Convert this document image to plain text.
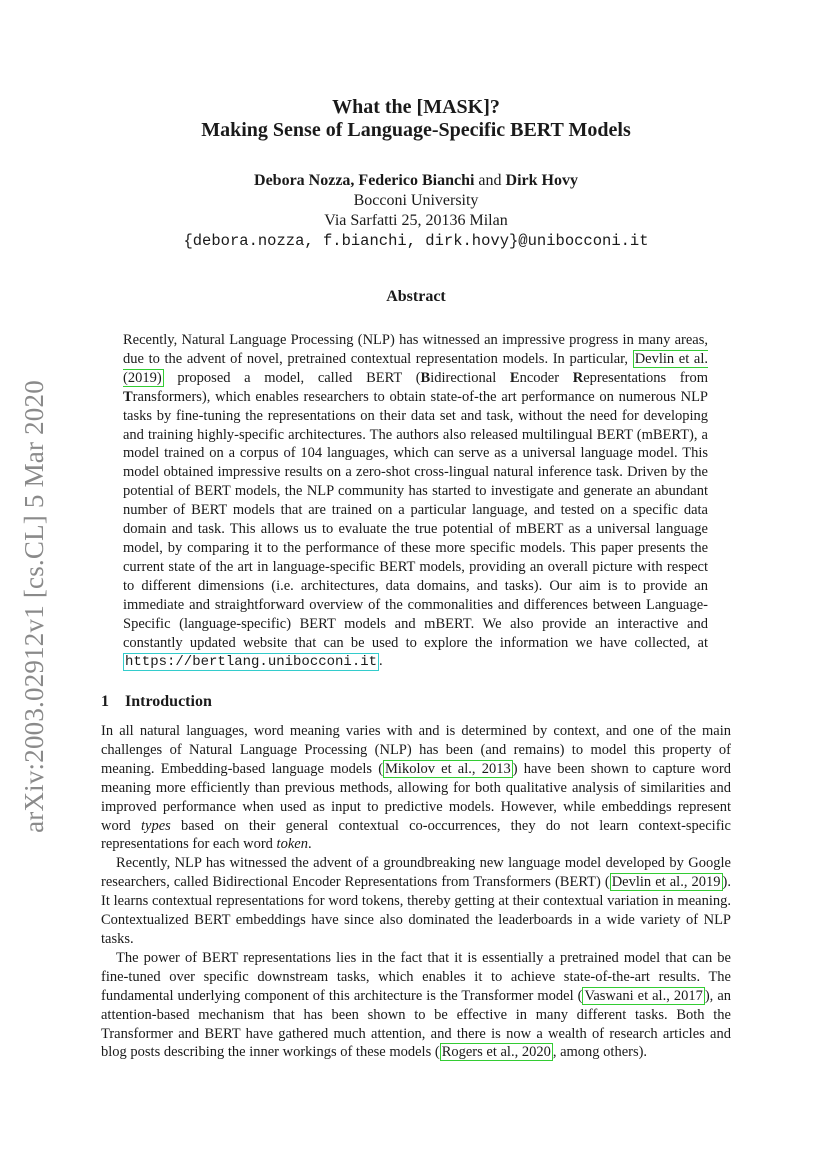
arXiv:2003.02912v1 [cs.CL] 5 Mar 2020
What the [MASK]?
Making Sense of Language-Specific BERT Models
Debora Nozza, Federico Bianchi and Dirk Hovy
Bocconi University
Via Sarfatti 25, 20136 Milan
{debora.nozza, f.bianchi, dirk.hovy}@unibocconi.it
Abstract

Recently, Natural Language Processing (NLP) has witnessed an impressive progress in many areas, due to the advent of novel, pretrained contextual representation models. In particular, Devlin et al. (2019) proposed a model, called BERT (Bidirectional Encoder Representations from Transformers), which enables researchers to obtain state-of-the art performance on numerous NLP tasks by fine-tuning the representations on their data set and task, without the need for developing and training highly-specific architectures. The authors also released multilingual BERT (mBERT), a model trained on a corpus of 104 languages, which can serve as a universal language model. This model obtained impressive results on a zero-shot cross-lingual natural inference task. Driven by the potential of BERT models, the NLP community has started to investigate and generate an abundant number of BERT models that are trained on a particular language, and tested on a specific data domain and task. This allows us to evaluate the true potential of mBERT as a universal language model, by comparing it to the performance of these more specific models. This paper presents the current state of the art in language-specific BERT models, providing an overall picture with respect to different dimensions (i.e. architectures, data domains, and tasks). Our aim is to provide an immediate and straightforward overview of the commonalities and differences between Language-Specific (language-specific) BERT models and mBERT. We also provide an interactive and constantly updated website that can be used to explore the information we have collected, at https://bertlang.unibocconi.it .

1 Introduction

In all natural languages, word meaning varies with and is determined by context, and one of the main challenges of Natural Language Processing (NLP) has been (and remains) to model this property of meaning. Embedding-based language models ( Mikolov et al., 2013 ) have been shown to capture word meaning more efficiently than previous methods, allowing for both qualitative analysis of similarities and improved performance when used as input to predictive models. However, while embeddings represent word types based on their general contextual co-occurrences, they do not learn context-specific representations for each word token.

Recently, NLP has witnessed the advent of a groundbreaking new language model developed by Google researchers, called Bidirectional Encoder Representations from Transformers (BERT) ( Devlin et al., 2019 ). It learns contextual representations for word tokens, thereby getting at their contextual variation in meaning. Contextualized BERT embeddings have since also dominated the leaderboards in a wide variety of NLP tasks.

The power of BERT representations lies in the fact that it is essentially a pretrained model that can be fine-tuned over specific downstream tasks, which enables it to achieve state-of-the-art results. The fundamental underlying component of this architecture is the Transformer model ( Vaswani et al., 2017 ), an attention-based mechanism that has been shown to be effective in many different tasks. Both the Transformer and BERT have gathered much attention, and there is now a wealth of research articles and blog posts describing the inner workings of these models ( Rogers et al., 2020 , among others).
